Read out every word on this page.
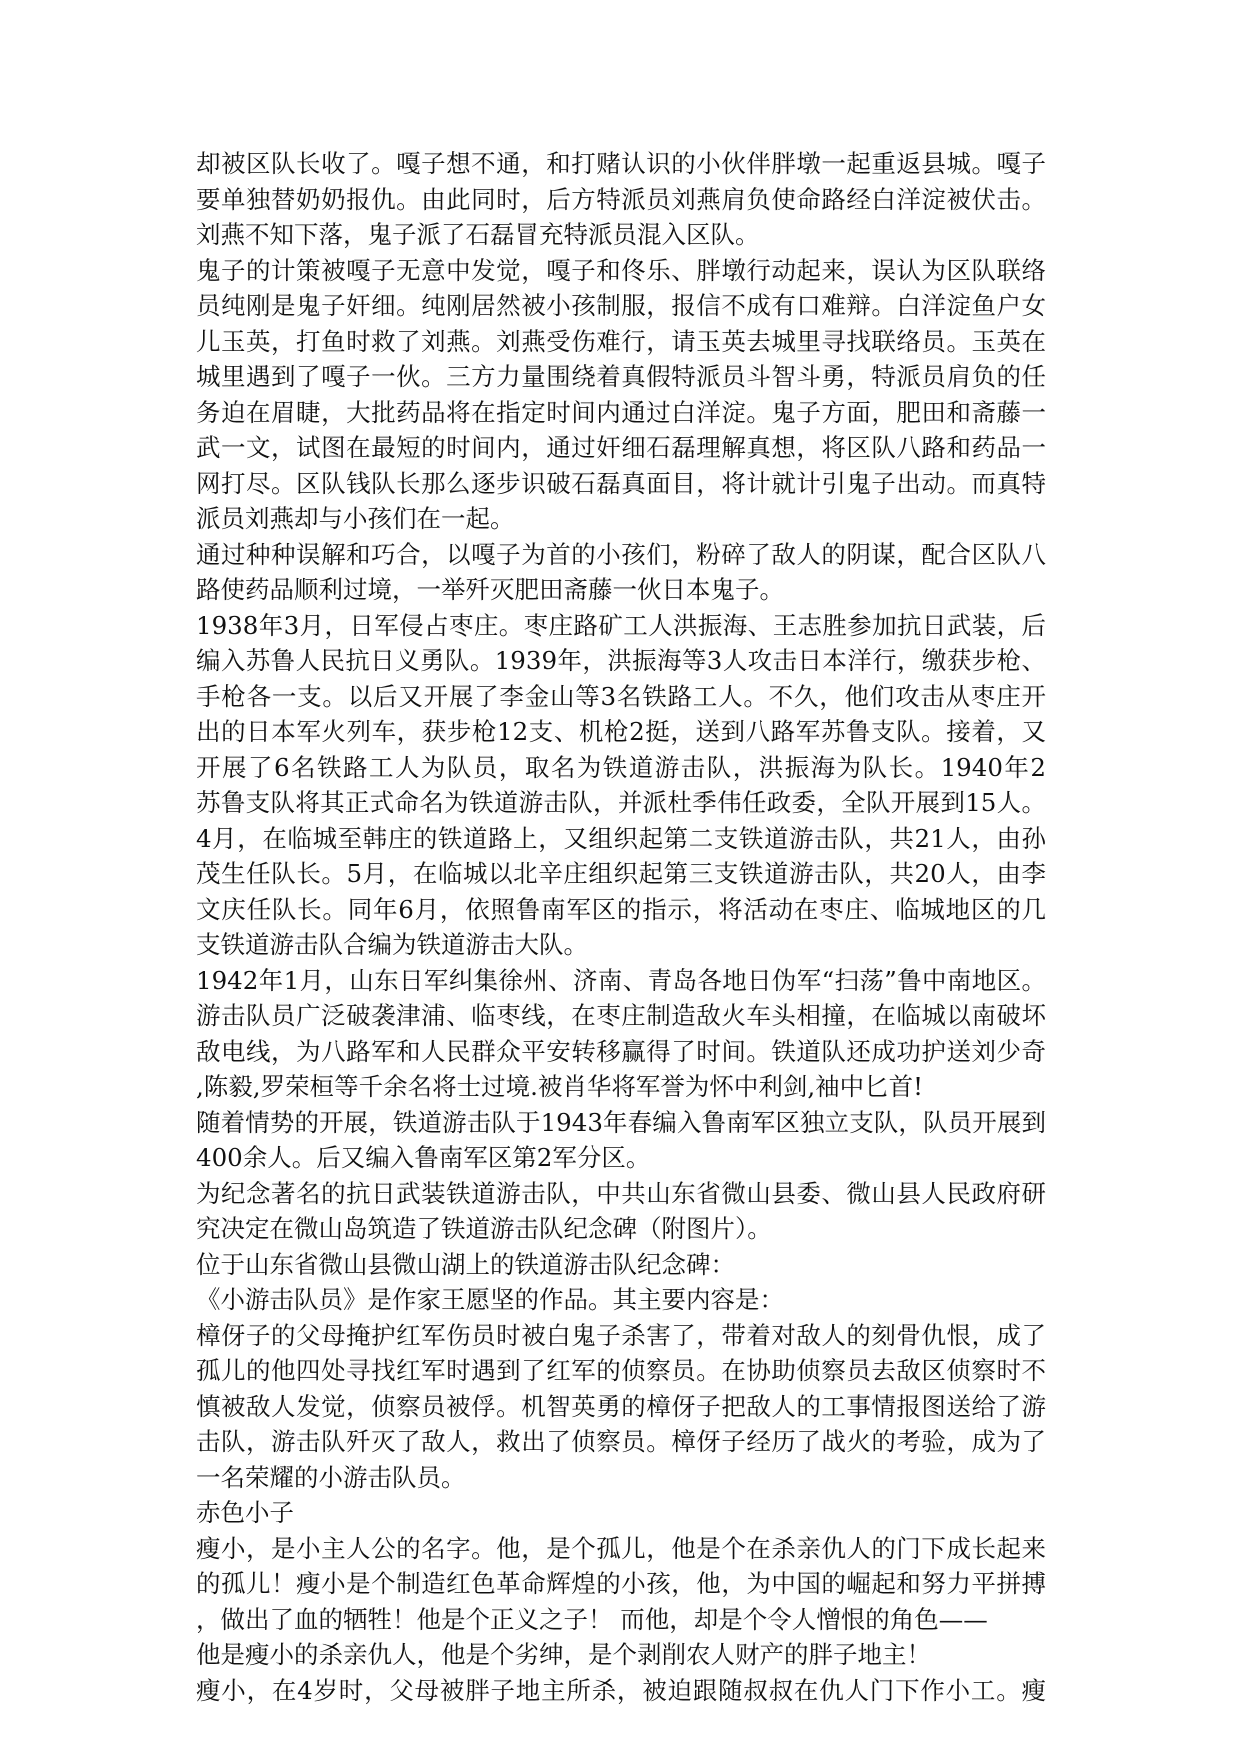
却被区队长收了。嘎子想不通，和打赌认识的小伙伴胖墩一起重返县城。嘎子
要单独替奶奶报仇。由此同时，后方特派员刘燕肩负使命路经白洋淀被伏击。
刘燕不知下落，鬼子派了石磊冒充特派员混入区队。
鬼子的计策被嘎子无意中发觉，嘎子和佟乐、胖墩行动起来，误认为区队联络
员纯刚是鬼子奸细。纯刚居然被小孩制服，报信不成有口难辩。白洋淀鱼户女
儿玉英，打鱼时救了刘燕。刘燕受伤难行，请玉英去城里寻找联络员。玉英在
城里遇到了嘎子一伙。三方力量围绕着真假特派员斗智斗勇，特派员肩负的任
务迫在眉睫，大批药品将在指定时间内通过白洋淀。鬼子方面，肥田和斋藤一
武一文，试图在最短的时间内，通过奸细石磊理解真想，将区队八路和药品一
网打尽。区队钱队长那么逐步识破石磊真面目，将计就计引鬼子出动。而真特
派员刘燕却与小孩们在一起。
通过种种误解和巧合，以嘎子为首的小孩们，粉碎了敌人的阴谋，配合区队八
路使药品顺利过境，一举歼灭肥田斋藤一伙日本鬼子。
1938年3月，日军侵占枣庄。枣庄路矿工人洪振海、王志胜参加抗日武装，后
编入苏鲁人民抗日义勇队。1939年，洪振海等3人攻击日本洋行，缴获步枪、
手枪各一支。以后又开展了李金山等3名铁路工人。不久，他们攻击从枣庄开
出的日本军火列车，获步枪12支、机枪2挺，送到八路军苏鲁支队。接着，又
开展了6名铁路工人为队员，取名为铁道游击队，洪振海为队长。1940年2
苏鲁支队将其正式命名为铁道游击队，并派杜季伟任政委，全队开展到15人。
4月，在临城至韩庄的铁道路上，又组织起第二支铁道游击队，共21人，由孙
茂生任队长。5月，在临城以北辛庄组织起第三支铁道游击队，共20人，由李
文庆任队长。同年6月，依照鲁南军区的指示，将活动在枣庄、临城地区的几
支铁道游击队合编为铁道游击大队。
1942年1月，山东日军纠集徐州、济南、青岛各地日伪军“扫荡”鲁中南地区。
游击队员广泛破袭津浦、临枣线，在枣庄制造敌火车头相撞，在临城以南破坏
敌电线，为八路军和人民群众平安转移赢得了时间。铁道队还成功护送刘少奇
,陈毅,罗荣桓等千余名将士过境.被肖华将军誉为怀中利剑,袖中匕首!
随着情势的开展，铁道游击队于1943年春编入鲁南军区独立支队，队员开展到
400余人。后又编入鲁南军区第2军分区。
为纪念著名的抗日武装铁道游击队，中共山东省微山县委、微山县人民政府研
究决定在微山岛筑造了铁道游击队纪念碑（附图片）。
位于山东省微山县微山湖上的铁道游击队纪念碑：
《小游击队员》是作家王愿坚的作品。其主要内容是：
樟伢子的父母掩护红军伤员时被白鬼子杀害了，带着对敌人的刻骨仇恨，成了
孤儿的他四处寻找红军时遇到了红军的侦察员。在协助侦察员去敌区侦察时不
慎被敌人发觉，侦察员被俘。机智英勇的樟伢子把敌人的工事情报图送给了游
击队，游击队歼灭了敌人，救出了侦察员。樟伢子经历了战火的考验，成为了
一名荣耀的小游击队员。
赤色小子
瘦小，是小主人公的名字。他，是个孤儿，他是个在杀亲仇人的门下成长起来
的孤儿！瘦小是个制造红色革命辉煌的小孩，他，为中国的崛起和努力平拼搏
，做出了血的牺牲！他是个正义之子！ 而他，却是个令人憎恨的角色——
他是瘦小的杀亲仇人，他是个劣绅，是个剥削农人财产的胖子地主！
瘦小，在4岁时，父母被胖子地主所杀，被迫跟随叔叔在仇人门下作小工。瘦
